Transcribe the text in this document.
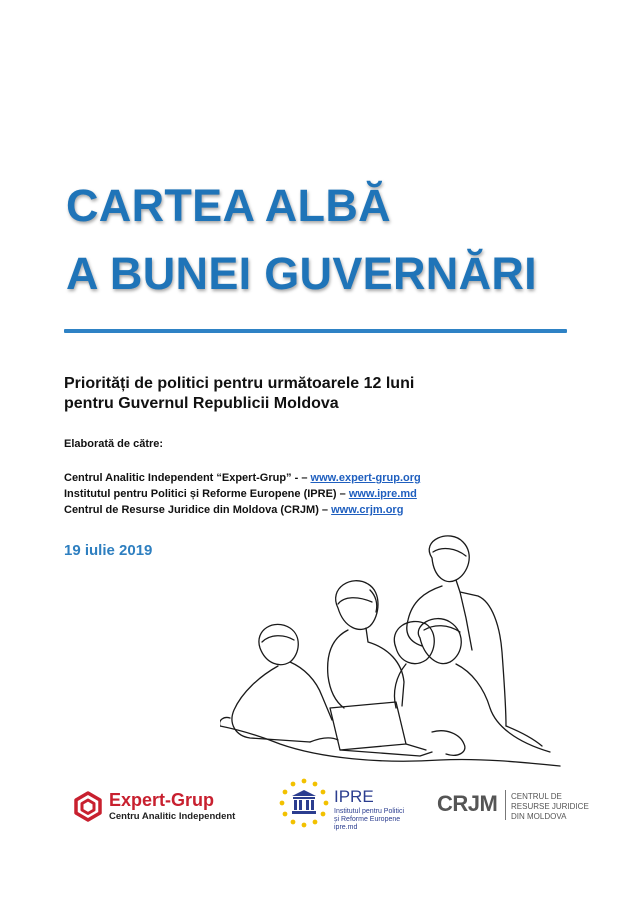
CARTEA ALBĂ
A BUNEI GUVERNĂRI
Priorități de politici pentru următoarele 12 luni
pentru Guvernul Republicii Moldova
Elaborată de către:
Centrul Analitic Independent “Expert-Grup” - – www.expert-grup.org
Institutul pentru Politici și Reforme Europene (IPRE) – www.ipre.md
Centrul de Resurse Juridice din Moldova (CRJM) – www.crjm.org
19 iulie 2019
Expert-Grup
Centru Analitic Independent
IPRE
Institutul pentru Politici
și Reforme Europene
ipre.md
CRJM CENTRUL DE
RESURSE JURIDICE
DIN MOLDOVA
